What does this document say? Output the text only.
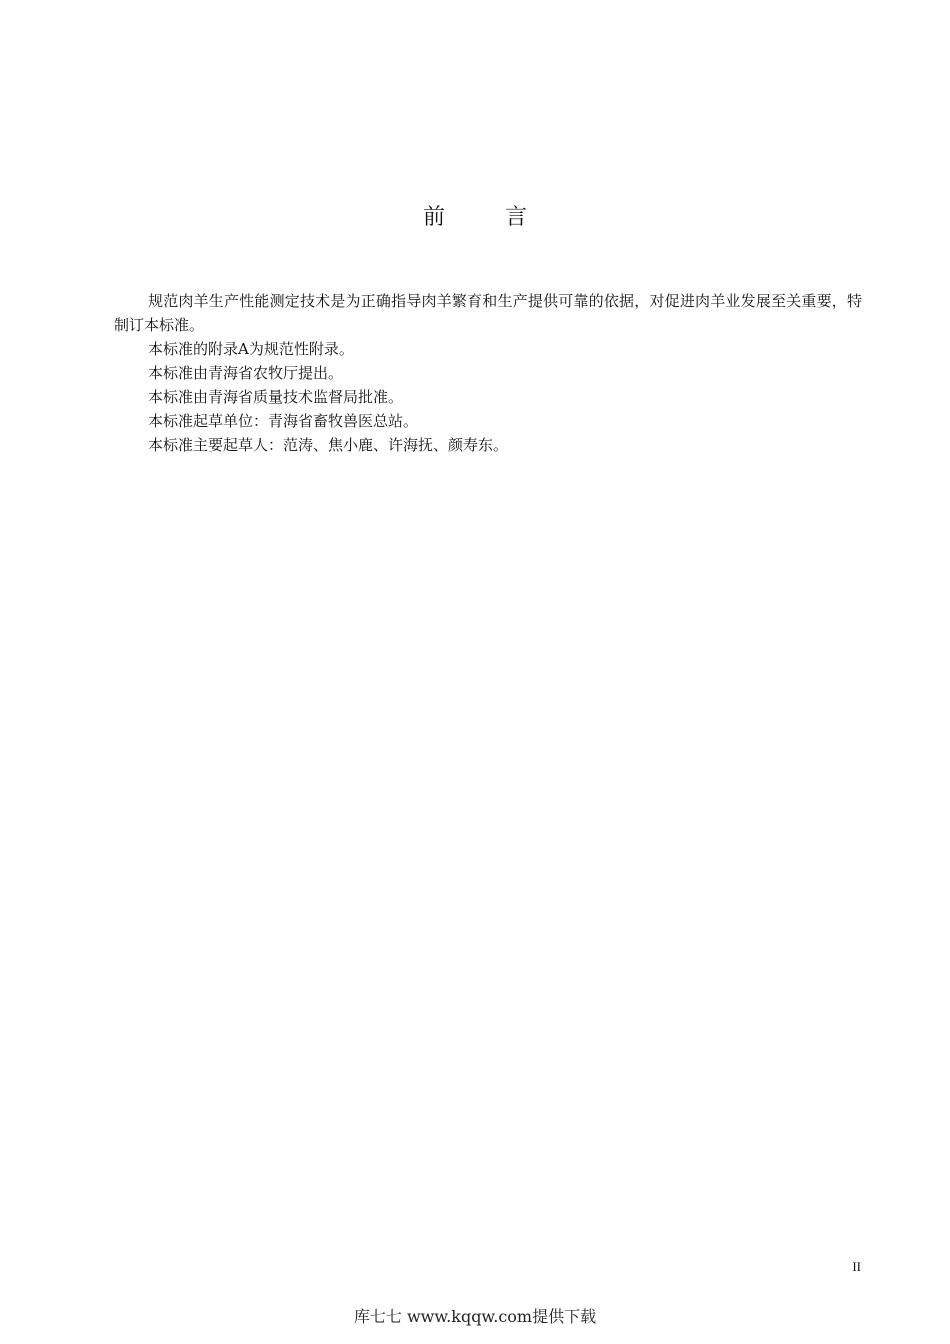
前	言

规范肉羊生产性能测定技术是为正确指导肉羊繁育和生产提供可靠的依据，对促进肉羊业发展至关重要，特制订本标准。

本标准的附录A为规范性附录。

本标准由青海省农牧厅提出。

本标准由青海省质量技术监督局批准。

本标准起草单位：青海省畜牧兽医总站。

本标准主要起草人：范涛、焦小鹿、许海抚、颜寿东。

II
库七七 www.kqqw.com提供下载
